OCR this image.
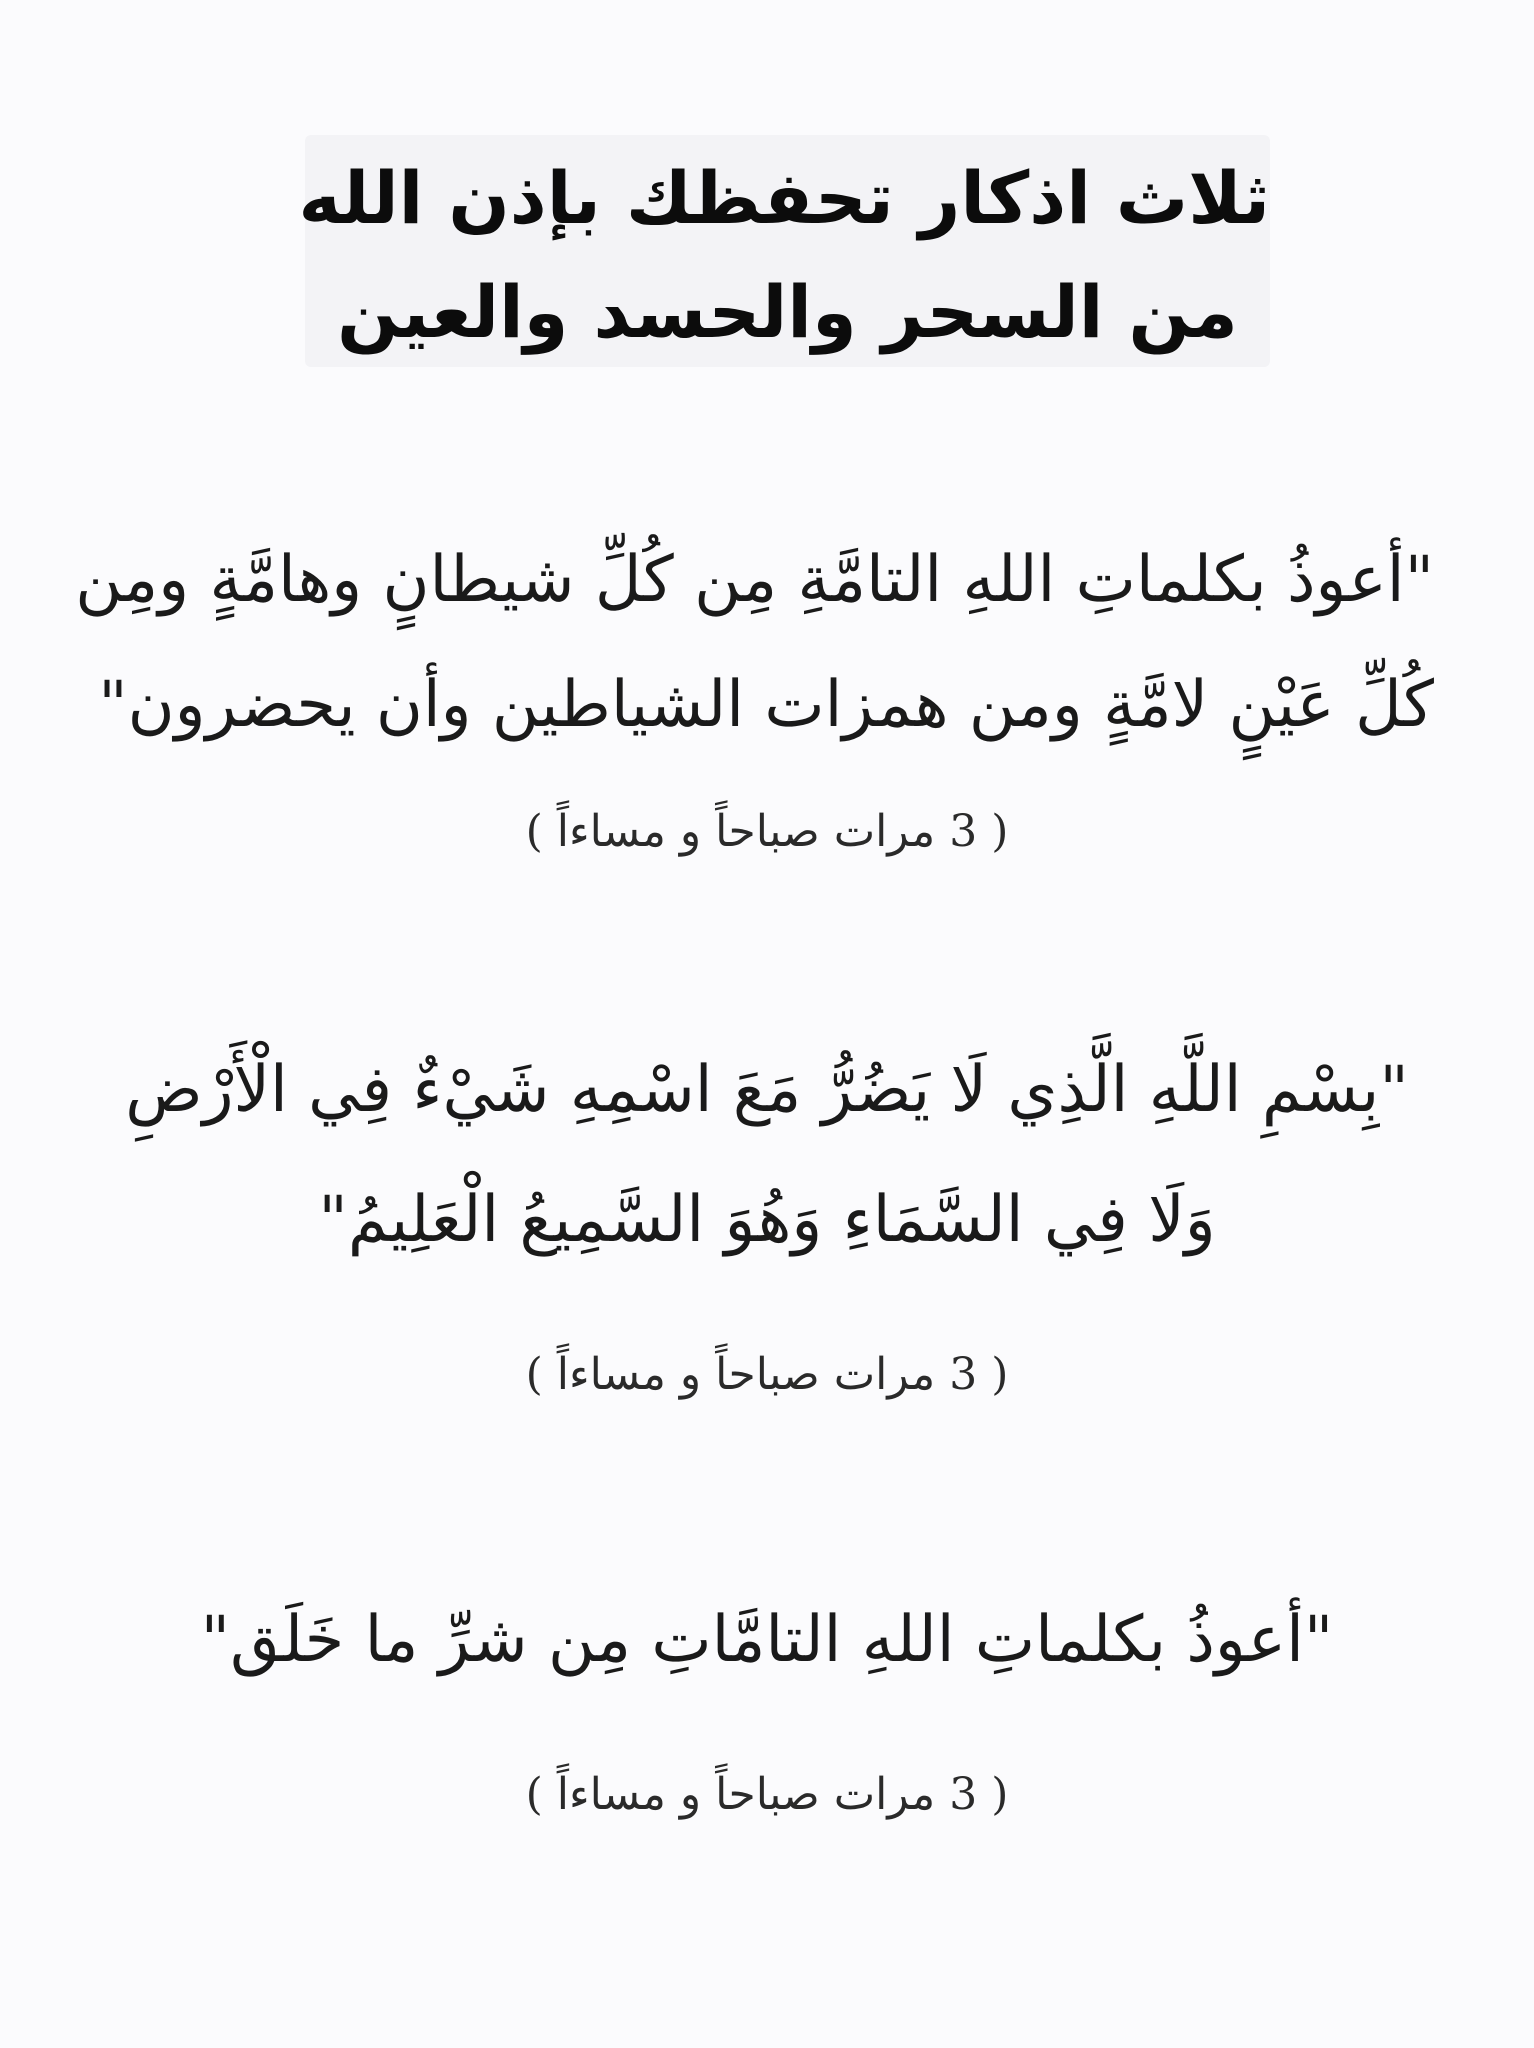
ثلاث اذكار تحفظك بإذن الله
من السحر والحسد والعين
"أعوذُ بكلماتِ اللهِ التامَّةِ مِن كُلِّ شيطانٍ وهامَّةٍ ومِن
كُلِّ عَيْنٍ لامَّةٍ ومن همزات الشياطين وأن يحضرون"
( 3 مرات صباحاً و مساءاً )
"بِسْمِ اللَّهِ الَّذِي لَا يَضُرُّ مَعَ اسْمِهِ شَيْءٌ فِي الْأَرْضِ
وَلَا فِي السَّمَاءِ وَهُوَ السَّمِيعُ الْعَلِيمُ"
( 3 مرات صباحاً و مساءاً )
"أعوذُ بكلماتِ اللهِ التامَّاتِ مِن شرِّ ما خَلَق"
( 3 مرات صباحاً و مساءاً )
